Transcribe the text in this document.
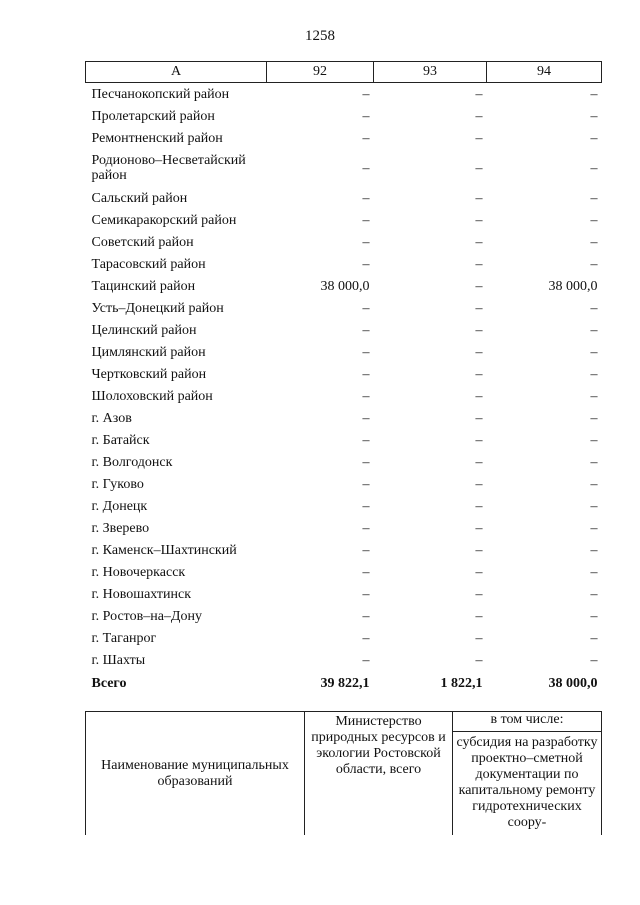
1258
А	92	93	94
Песчанокопский район	–	–	–
Пролетарский район	–	–	–
Ремонтненский район	–	–	–
Родионово–Несветайский район	–	–	–
Сальский район	–	–	–
Семикаракорский район	–	–	–
Советский район	–	–	–
Тарасовский район	–	–	–
Тацинский район	38 000,0	–	38 000,0
Усть–Донецкий район	–	–	–
Целинский район	–	–	–
Цимлянский район	–	–	–
Чертковский район	–	–	–
Шолоховский район	–	–	–
г. Азов	–	–	–
г. Батайск	–	–	–
г. Волгодонск	–	–	–
г. Гуково	–	–	–
г. Донецк	–	–	–
г. Зверево	–	–	–
г. Каменск–Шахтинский	–	–	–
г. Новочеркасск	–	–	–
г. Новошахтинск	–	–	–
г. Ростов–на–Дону	–	–	–
г. Таганрог	–	–	–
г. Шахты	–	–	–
Всего	39 822,1	1 822,1	38 000,0
Наименование муниципальных образований	Министерство природных ресурсов и экологии Ростовской области, всего	в том числе:
субсидия на разработку проектно–сметной документации по капитальному ремонту гидротехнических соору-
